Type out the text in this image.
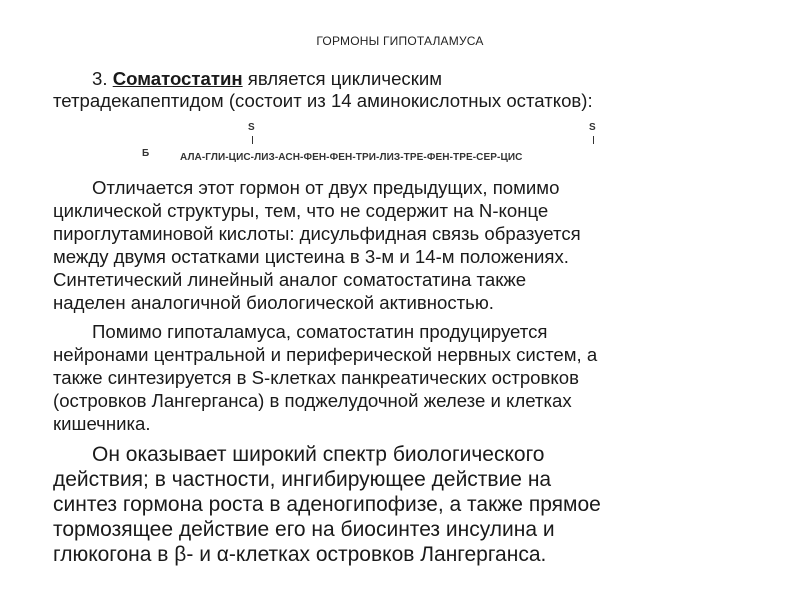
ГОРМОНЫ ГИПОТАЛАМУСА
3. Соматостатин является циклическим
тетрадекапептидом (состоит из 14 аминокислотных остатков):
S	S
Б	АЛА-ГЛИ-ЦИС-ЛИЗ-АСН-ФЕН-ФЕН-ТРИ-ЛИЗ-ТРЕ-ФЕН-ТРЕ-СЕР-ЦИС
Отличается этот гормон от двух предыдущих, помимо
циклической структуры, тем, что не содержит на N-конце
пироглутаминовой кислоты: дисульфидная связь образуется
между двумя остатками цистеина в 3-м и 14-м положениях.
Синтетический линейный аналог соматостатина также
наделен аналогичной биологической активностью.
Помимо гипоталамуса, соматостатин продуцируется
нейронами центральной и периферической нервных систем, а
также синтезируется в S-клетках панкреатических островков
(островков Лангерганса) в поджелудочной железе и клетках
кишечника.
Он оказывает широкий спектр биологического
действия; в частности, ингибирующее действие на
синтез гормона роста в аденогипофизе, а также прямое
тормозящее действие его на биосинтез инсулина и
глюкогона в β- и α-клетках островков Лангерганса.
